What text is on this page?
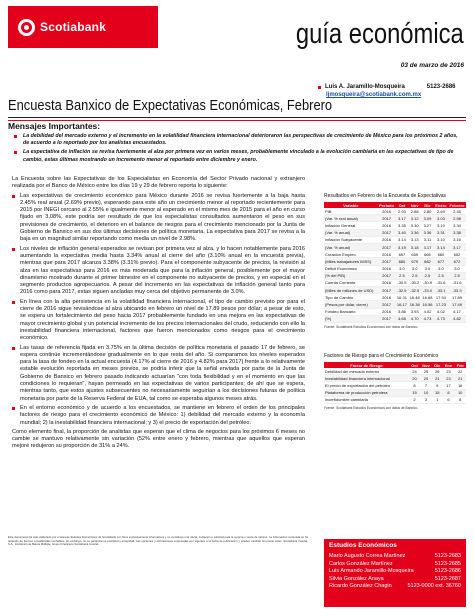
Scotiabank	guía económica
03 de marzo de 2016
Luis A. Jaramillo-Mosqueira	5123-2686
ljmosqueira@scotiabank.com.mx
Encuesta Banxico de Expectativas Económicas, Febrero
Mensajes Importantes:
La debilidad del mercado externo y el incremento en la volatilidad financiera internacional deterioraron las perspectivas de crecimiento de México para los próximos 2 años, de acuerdo a lo reportado por los analistas encuestados.
La expectativa de inflación se revisa fuertemente al alza por primera vez en varios meses, probablemente vinculado a la evolución cambiaria en las expectativas de tipo de cambio, estas últimas mostrando un incremento menor al reportado entre diciembre y enero.

La Encuesta sobre las Expectativas de los Especialistas en Economía del Sector Privado nacional y extranjero realizada por el Banco de México entre los días 19 y 29 de febrero reporta lo siguiente:

Las expectativas de crecimiento económico para México durante 2016 se revisa fuertemente a la baja hasta 2.45% real anual (2.69% previo), esperando para este año un crecimiento menor al reportado recientemente para 2015 por INEGI cercano al 2.55% e igualmente menor al esperado en el mismo mes de 2015 para el año en curso fijado en 3.08%, este podría ser resultado de que los especialistas consultados aumentaron el peso en sus previsiones de crecimiento, el deterioro en el balance de riesgos para el crecimiento mencionado por la Junta de Gobierno de Banxico en sus dos últimas decisiones de política monetaria. La expectativa para 2017 se revisa a la baja en un magnitud similar reportando como media un nivel de 2.98%.
Los niveles de inflación general esperados se revisan por primera vez al alza, y lo hacen notablemente para 2016 aumentando la expectativa media hasta 3.34% anual al cierre del año (3.10% anual en la encuesta previa), mientras que para 2017 alcanza 3.38% (3.31% previo). Para el componente subyacente de precios, la revisión al alza en las expectativas para 2016 es más moderada que para la inflación general, posiblemente por el mayor dinamismo mostrado durante el primer bimestre en el componente no subyacente de precios, y en especial en el segmento productos agropecuarios. A pesar del incremento en las expectativas de inflación general tanto para 2016 como para 2017, estas siguen ancladas muy cerca del objetivo permanente de 3.0%.
En línea con la alta persistencia en la volatilidad financiera internacional, el tipo de cambio previsto por para el cierre de 2016 sigue revisándose al alza ubicando en febrero un nivel de 17.89 pesos por dólar; a pesar de esto, se espera un fortalecimiento del peso hacia 2017 probablemente fundado en una mejora en las expectativas de mayor crecimiento global y un potencial incremento de los precios internacionales del crudo, reduciendo con ello la inestabilidad financiera internacional, factores que fueron mencionados como riesgos para el crecimiento económico.
Las tasas de referencia fijada en 3.75% en la última decisión de política monetaria el pasado 17 de febrero, se espera continúe incrementándose gradualmente en lo que resta del año. Si comparamos los niveles esperados para la tasa de fondeo en la actual encuesta (4.17% al cierre de 2016 y 4.82% para 2017) frente a lo relativamente estable evolución reportada en meses previos, se podría inferir que la señal enviada por parte de la Junta de Gobierno de Banxico en febrero pasado indicando actuarían "con toda flexibilidad y en el momento en que las condiciones lo requieran", hayan permeado en las expectativas de varios participantes; de ahí que se espera, mientras tanto, que estos ajustes subsecuentes no necesariamente seguirían a los decisiones futuras de política monetaria por parte de la Reserva Federal de EUA, tal como se esperaba algunos meses atrás.
En el entorno económico y de acuerdo a los encuestados, se mantiene en febrero el orden de los principales factores de riesgo para el crecimiento económico de México: 1) debilidad del mercado externo y la economía mundial; 2) la inestabilidad financiera internacional; y 3) el precio de exportación del petróleo.

Como elemento final, la proporción de analistas que esperan que el clima de negocios para los próximos 6 meses no cambie se mantuvo relativamente sin variación (52% entre enero y febrero, mientras que aquellos que esperan mejoré redujeron su proporción de 31% a 24%.

Resultados en Febrero de la Encuesta de Expectativas
Variable	Periodo	Oct	Nov	Dic	Enero	Febrero
PIB	2016	2.93	2.88	2.80	2.69	2.45
(Var. % real anual)	2017	3.17	3.12	3.09	3.03	2.98
Inflación General	2016	3.35	3.30	3.27	3.10	3.34
(Var. % anual)	2017	3.40	3.36	3.36	3.31	3.38
Inflación Subyacente	2016	3.14	3.13	3.11	3.10	3.16
(Var. % anual)	2017	3.19	3.18	3.17	3.14	3.17
Creación Empleo	2016	657	659	665	660	652
(Miles trabajadores IMSS)	2017	680	679	682	677	672
Déficit Económico	2016	3.0	3.0	3.0	3.0	3.0
(% del PIB)	2017	2.5	2.5	2.5	2.5	2.5
Cuenta Corriente	2016	-30.5	-30.2	-30.9	-31.6	-31.6
(Miles de millones de USD)	2017	-32.5	-32.5	-33.0	-33.1	-33.3
Tipo de Cambio	2016	16.31	16.48	16.68	17.54	17.89
(Pesos por dólar, cierre)	2017	16.17	16.38	16.56	17.23	17.49
Fondeo Bancario	2016	3.86	3.93	4.02	4.02	4.17
(%)	2017	4.68	4.70	4.73	4.73	4.82
Fuente: Scotiabank Estudios Económicos con datos de Banxico.
Factores de Riesgo para el Crecimiento Económico
Factor de Riesgo	Oct	Nov	Dic	Ene	Feb
Debilidad del mercado externo	24	25	26	23	22
Inestabilidad financiera internacional	20	20	21	23	21
El precio de exportación del petróleo	8	7	9	17	16
Plataforma de producción petrolera	15	10	15	8	10
Incertidumbre cambiaria	2	3	1	6	8
Fuente: Scotiabank Estudios Económicos con datos de Banxico.
Este documento ha sido elaborado por el área de Estudios Económicos de Scotiabank con fines exclusivamente informativos y no constituye una oferta, invitación o solicitud para la compra o venta de valores. La información contenida se ha obtenido de fuentes consideradas confiables; sin embargo, no se garantiza su exactitud o integridad. Las opiniones y estimaciones expresadas son vigentes a la fecha de publicación y pueden cambiar sin previo aviso. Scotiabank Inverlat, S.A., Institución de Banca Múltiple, Grupo Financiero Scotiabank Inverlat.	Estudios Económicos
Mario Augusto Correa Martínez	5123-2683
Carlos González Martínez	5123-2685
Luis Armando Jaramillo-Mosqueira	5123-2686
Silvia González Anaya	5123-2687
Ricardo González Chagin	5123-0000 ext. 36760
